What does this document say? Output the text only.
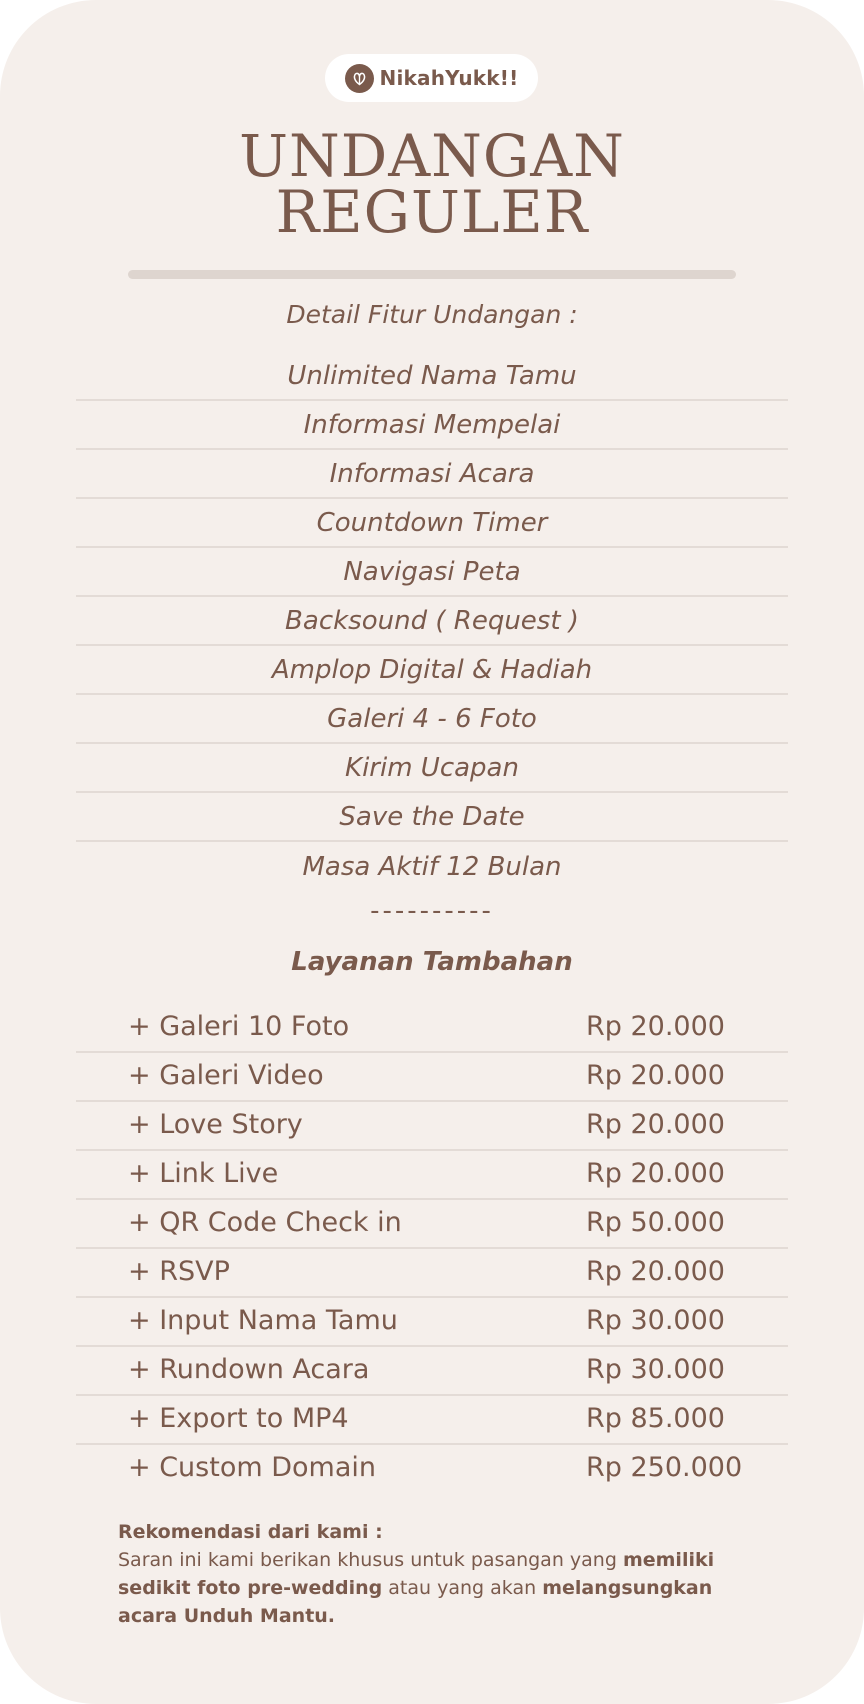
NikahYukk!!
UNDANGAN
REGULER
Detail Fitur Undangan :
Unlimited Nama Tamu
Informasi Mempelai
Informasi Acara
Countdown Timer
Navigasi Peta
Backsound ( Request )
Amplop Digital & Hadiah
Galeri 4 - 6 Foto
Kirim Ucapan
Save the Date
Masa Aktif 12 Bulan
----------
Layanan Tambahan
+ Galeri 10 Foto	Rp 20.000
+ Galeri Video	Rp 20.000
+ Love Story	Rp 20.000
+ Link Live	Rp 20.000
+ QR Code Check in	Rp 50.000
+ RSVP	Rp 20.000
+ Input Nama Tamu	Rp 30.000
+ Rundown Acara	Rp 30.000
+ Export to MP4	Rp 85.000
+ Custom Domain	Rp 250.000
Rekomendasi dari kami :
Saran ini kami berikan khusus untuk pasangan yang memiliki sedikit foto pre-wedding atau yang akan melangsungkan acara Unduh Mantu.
